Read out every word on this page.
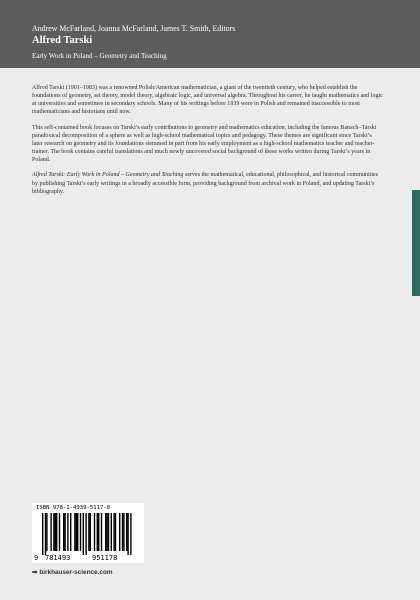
Andrew McFarland, Joanna McFarland, James T. Smith, Editors
Alfred Tarski
Early Work in Poland – Geometry and Teaching

Alfred Tarski (1901–1983) was a renowned Polish/American mathematician, a giant of the twentieth century, who helped establish the foundations of geometry, set theory, model theory, algebraic logic, and universal algebra. Throughout his career, he taught mathematics and logic at universities and sometimes in secondary schools. Many of his writings before 1939 were in Polish and remained inaccessible to most mathematicians and historians until now.

This self-contained book focuses on Tarski’s early contributions to geometry and mathematics education, including the famous Banach–Tarski paradoxical decomposition of a sphere as well as high-school mathematical topics and pedagogy. These themes are significant since Tarski’s later research on geometry and its foundations stemmed in part from his early employment as a high-school mathematics teacher and teacher-trainer. The book contains careful translations and much newly uncovered social background of these works written during Tarski’s years in Poland.

Alfred Tarski: Early Work in Poland – Geometry and Teaching serves the mathematical, educational, philosophical, and historical communities by publishing Tarski’s early writings in a broadly accessible form, providing background from archival work in Poland, and updating Tarski’s bibliography.

ISBN 978-1-4939-5117-8
9 781493	951178
➡ birkhauser-science.com
